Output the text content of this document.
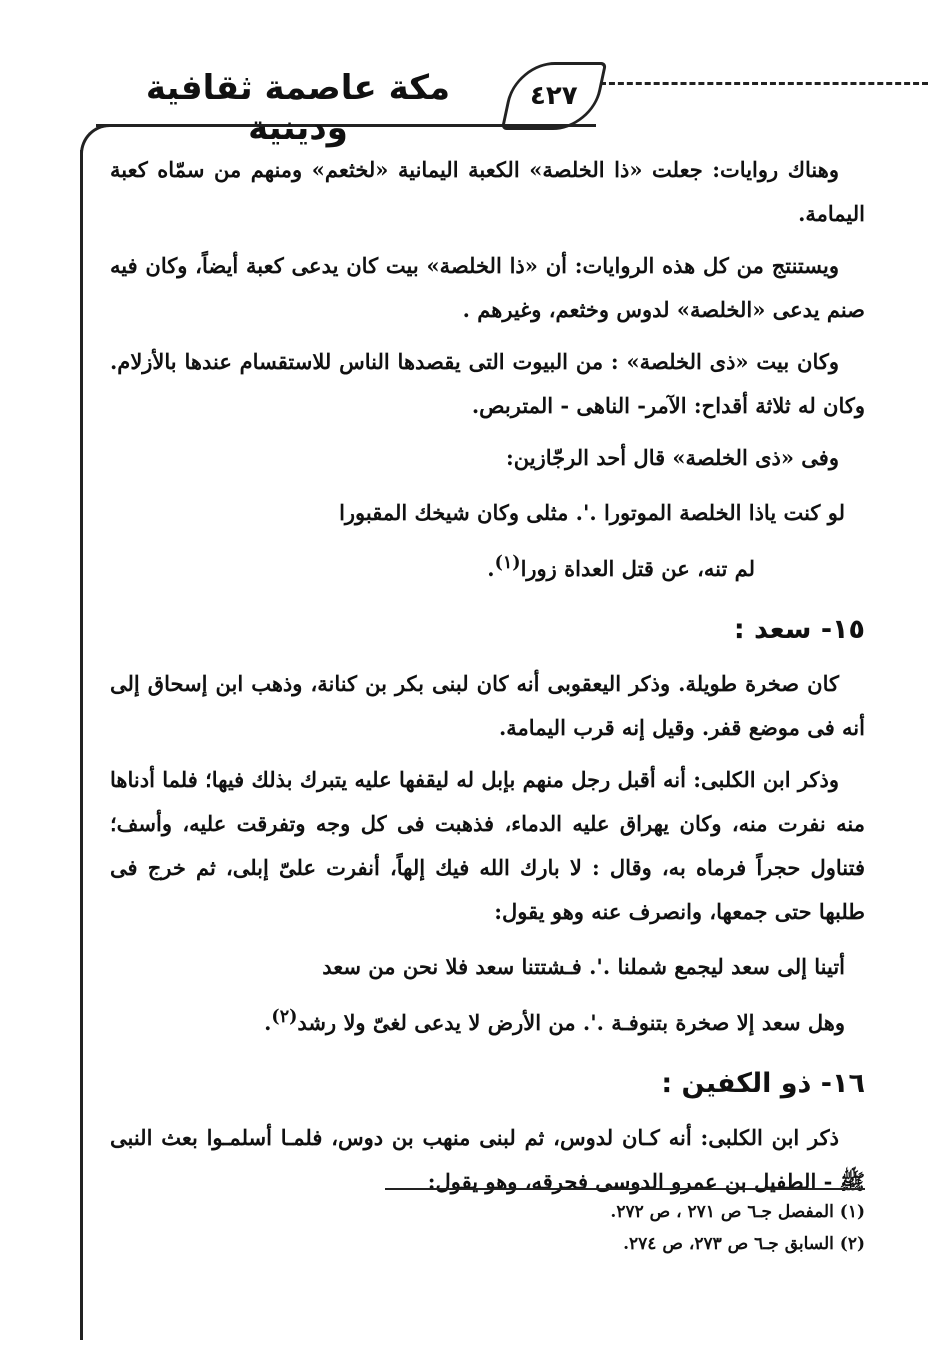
مكة عاصمة ثقافية ودينية
٤٢٧

وهناك روايات: جعلت «ذا الخلصة» الكعبة اليمانية «لخثعم» ومنهم من سمّاه كعبة اليمامة.

ويستنتج من كل هذه الروايات: أن «ذا الخلصة» بيت كان يدعى كعبة أيضاً، وكان فيه صنم يدعى «الخلصة» لدوس وخثعم، وغيرهم .

وكان بيت «ذى الخلصة» : من البيوت التى يقصدها الناس للاستقسام عندها بالأزلام. وكان له ثلاثة أقداح: الآمر- الناهى - المتربص.

وفى «ذى الخلصة» قال أحد الرجّازين:

لو كنت ياذا الخلصة الموتورا .'. مثلى وكان شيخك المقبورا
لم تنه، عن قتل العداة زورا$^{(١)}$.
١٥- سعد :

كان صخرة طويلة. وذكر اليعقوبى أنه كان لبنى بكر بن كنانة، وذهب ابن إسحاق إلى أنه فى موضع قفر. وقيل إنه قرب اليمامة.

وذكر ابن الكلبى: أنه أقبل رجل منهم بإبل له ليقفها عليه يتبرك بذلك فيها؛ فلما أدناها منه نفرت منه، وكان يهراق عليه الدماء، فذهبت فى كل وجه وتفرقت عليه، وأسف؛ فتناول حجراً فرماه به، وقال : لا بارك الله فيك إلهاً، أنفرت علىّ إبلى، ثم خرج فى طلبها حتى جمعها، وانصرف عنه وهو يقول:

أتينا إلى سعد ليجمع شملنا .'. فـشتتنا سعد فلا نحن من سعد
وهل سعد إلا صخرة بتنوفـة .'. من الأرض لا يدعى لغىّ ولا رشد$^{(٢)}$.
١٦- ذو الكفين :

ذكر ابن الكلبى: أنه كـان لدوس، ثم لبنى منهب بن دوس، فلمـا أسلمـوا بعث النبى ﷺ - الطفيل بن عمرو الدوسى فحرقه، وهو يقول:

(١) المفصل جـ٦ ص ٢٧١ ، ص ٢٧٢.
(٢) السابق جـ٦ ص ٢٧٣، ص ٢٧٤.
